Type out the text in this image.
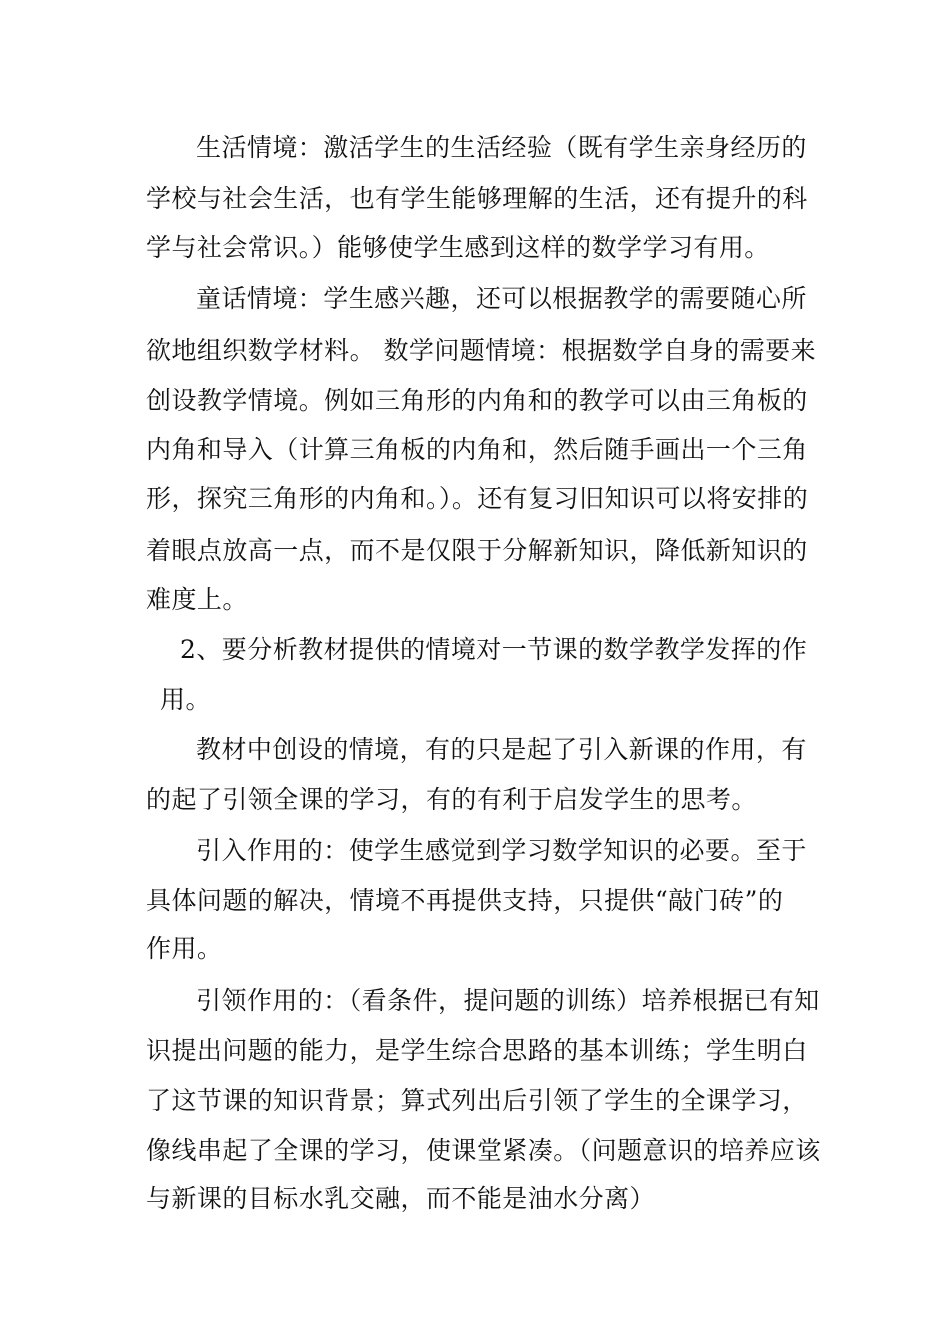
生活情境：激活学生的生活经验（既有学生亲身经历的
学校与社会生活，也有学生能够理解的生活，还有提升的科
学与社会常识。）能够使学生感到这样的数学学习有用。
童话情境：学生感兴趣，还可以根据教学的需要随心所
欲地组织数学材料。 数学问题情境：根据数学自身的需要来
创设教学情境。例如三角形的内角和的教学可以由三角板的
内角和导入（计算三角板的内角和，然后随手画出一个三角
形，探究三角形的内角和。）。还有复习旧知识可以将安排的
着眼点放高一点，而不是仅限于分解新知识，降低新知识的
难度上。
2、要分析教材提供的情境对一节课的数学教学发挥的作
用。
教材中创设的情境，有的只是起了引入新课的作用，有
的起了引领全课的学习，有的有利于启发学生的思考。
引入作用的：使学生感觉到学习数学知识的必要。至于
具体问题的解决，情境不再提供支持，只提供“敲门砖”的
作用。
引领作用的：（看条件，提问题的训练）培养根据已有知
识提出问题的能力，是学生综合思路的基本训练；学生明白
了这节课的知识背景；算式列出后引领了学生的全课学习，
像线串起了全课的学习，使课堂紧凑。（问题意识的培养应该
与新课的目标水乳交融，而不能是油水分离）
